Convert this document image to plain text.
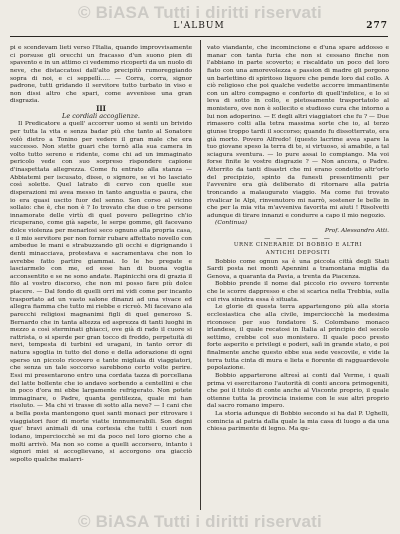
© BiASA Tutti i diritti riservati
L'ALBUM	277

pi e scendevam lieti verso l'Italia, quando improvvisamente ci porsuse gli orecchi un fracasso d'un suono pien di spavento e in un attimo ci vedemmo ricoperti da un nuolo di neve, che distaccatosi dall'alto precipitò rumoreggiando sopra di noi, e ci seppellì..... — Corra, corra, signor padrone, tutti gridando il servitore tutto turbato in viso e non dissi altro che spari, come avvenisse una gran disgrazia.

III

Le cordiali accoglienze.

Il Predicatore a quell' accorrer uomo si senti un brivido per tutta la vita e senza badar più che tanto al Sonatore volò dietro a Tonino per vedere il gran male che era successo. Non stette guari che tornò alla sua camera in volto tutto sereno e ridente, come chi ad un immaginato pericolo vede con suo sorpreso rispondere capione d'inaspettata allegrezza. Come fu entrato alla stanza — Abbiatemi per iscusato, disse, o signore, se vi ho lasciato così solette. Quel latrato di cervo con quelle sue disperazioni mi avea messo in tanto angustia e paura, che io era quasi uscito fuor del senno. Son corso al vicino sollaio: che è, che non è ? Io trovato che due o tre persone innamorate delle virtù di quel povero pellegrino ch'io ricuperano, come già sapete, le serpe gomme, gli facevano dolce violenza per menarlosi seco ognuno alla propria casa, e il mio servitore per non fornir rubare affettato novello con ambedue le mani e strabuzzando gli occhi e digrignando i denti minacciava, protestava e sacramentava che non lo avrebbe fatto partire giammai. Io le ho pregate e lasciarmelo con me, ed esse han di buona voglia acconsentito e se ne sono andate. Rapinicchi ora di grazia il filo al vostro discorso, che non mi posso fare più dolce piacere. — Dal fondo di quelli orri mi vidi come per incanto trasportato ad un vasto salone dinanzi ad una vivace ed allegra fiamma che tutto mi riebbe e ricreò. Mi facevano ala parecchi religiosi magnanimi figli di quel generoso S. Bernardo che in tanta altezza ed asprezza di tanti luoghi in mezzo a così sterminati ghiacci, ove già di rado il cuore si rattrista, o si sperde per gran tocco di freddo, perpetuità di nevi, tempesta di turbini ed uragani, in tanto orror di natura sgoglia in tutto del dono e della adorazione di ogni sperso un piccolo ricovero e tante migliaia di viaggiatori, che senza un tale soccorso sarebbono certo volte perire. Essi mi presentarono entro una cordata tazza di porcellana del latte bollente che io andavo sorbendo a centellini e che in poco d'ora mi ebbe largamente refrigerato. Non potete immaginare, o Padre, quanta gentilezza, quale mi han risoluto. — Ma chi vi trasse di sotto alla neve? — I cani che a bella posta mantengono quei santi monaci per ritrovare i viaggiatori fuor di morte viatte innnumerabili. Son degni que' bravi animali di una cortesia che tutti i cuori non lodano, imperciocchè se mi da poco nel loro giorno che a molti arrivò. Ma non so come a quelli accorsero, intanto i signori miei si accoglievano, si accorgono ora giacciò sepolto qualche malarri-

vato viandante, che incomincione e d'una spare addosso e manar con tanta furia che non si cessano finche non l'abbiano in parte scoverto; e riscaldato un poco del loro fiato con una amorevolezza e passion di madre gli porgono un barlettino di spiritoso liquore che pende loro dal collo. A ciò religioso che poi qualche vedette accorre immantinente con un altro compagno e conforto di quell'infelice, e lo si leva di sotto in collo, e pietosamente trasportatolo al monistero, ove non è sollecito e studioso cura che intorno a lui non adoperino. — E degli altri viaggiatori che fu ? — Due rimasero colti alla tetra massima sorte che io, al terzo giunse troppo tardi il soccorso; quando fu dissotterrato, era già morto. Povero Alfredo! (questo lacrime avea spare la tuo giovane speso la terra di te, si virtuoso, sì amabile, a tal sciagura sventura. — lo pure assai lo compiango. Ma voi forse finite le vostre disgrazie ? — Non ancora, o Padre. Atterrito da tanti disastri che mi erano condotto altr'orlo del precipizio, spinto da funesti presentimenti per l'avvenire era già deliberato di ritornare alla patria troncando a malaugurato viaggio. Ma come fui trovato rivalicar le Alpi, rinvenutoro mi narrò, sostener le belle in che per la mia vita m'avveniva favorita mi aiuti ! Risolvetti adunque di tirare innanzi e condurre a capo il mio negozio.

(Continua)

Prof. Alessandro Atti.

— — — — — —

URNE CINERARIE DI BOBBIO E ALTRI

ANTICHI DEPOSITI

Bobbio come ognun sa è una piccola città degli Stati Sardi posta nei monti Apennini a tramontana miglia da Genova, a quaranta da Pavia, a trenta da Piacenza.

Bobbio prende il nome dal piccolo rio ovvero torrente che le scorre dappresso e che si scarica nella Trebbia, sulla cui riva sinistra essa è situata.

Le glorie di questa terra appartengono più alla storia ecclesiastica che alla civile, imperciocchè la medesima riconosce per suo fondatore S. Colombano monaco irlandese, il quale recatosi in Italia al principio del secolo settimo, crebbe col suo monistero. Il quale poco presto forte asperito e privilegi e poderi, salì in grande stato, e poi finalmente anche questo ebbe sua sede vescovile, e vide la terra tutta cinta di mura e lieta e fiorente di ragguardevole popolazione.

Bobbio apparterone altresì ai conti dal Verme, i quali prima vi esercitarono l'autorità di conti ancora primogeniti, che poi il titolo di conte anche al Visconte proprio, il quale ottenne tutta la provincia insieme con le sue altri proprio dal sacro romano impero.

La storia adunque di Bobbio secondo si ha dal P. Ughelli, comincia al patria dalla quale la mia casa di luogo a da una chiesa parimente di legno. Ma qu-

© BiASA Tutti i diritti riservati
